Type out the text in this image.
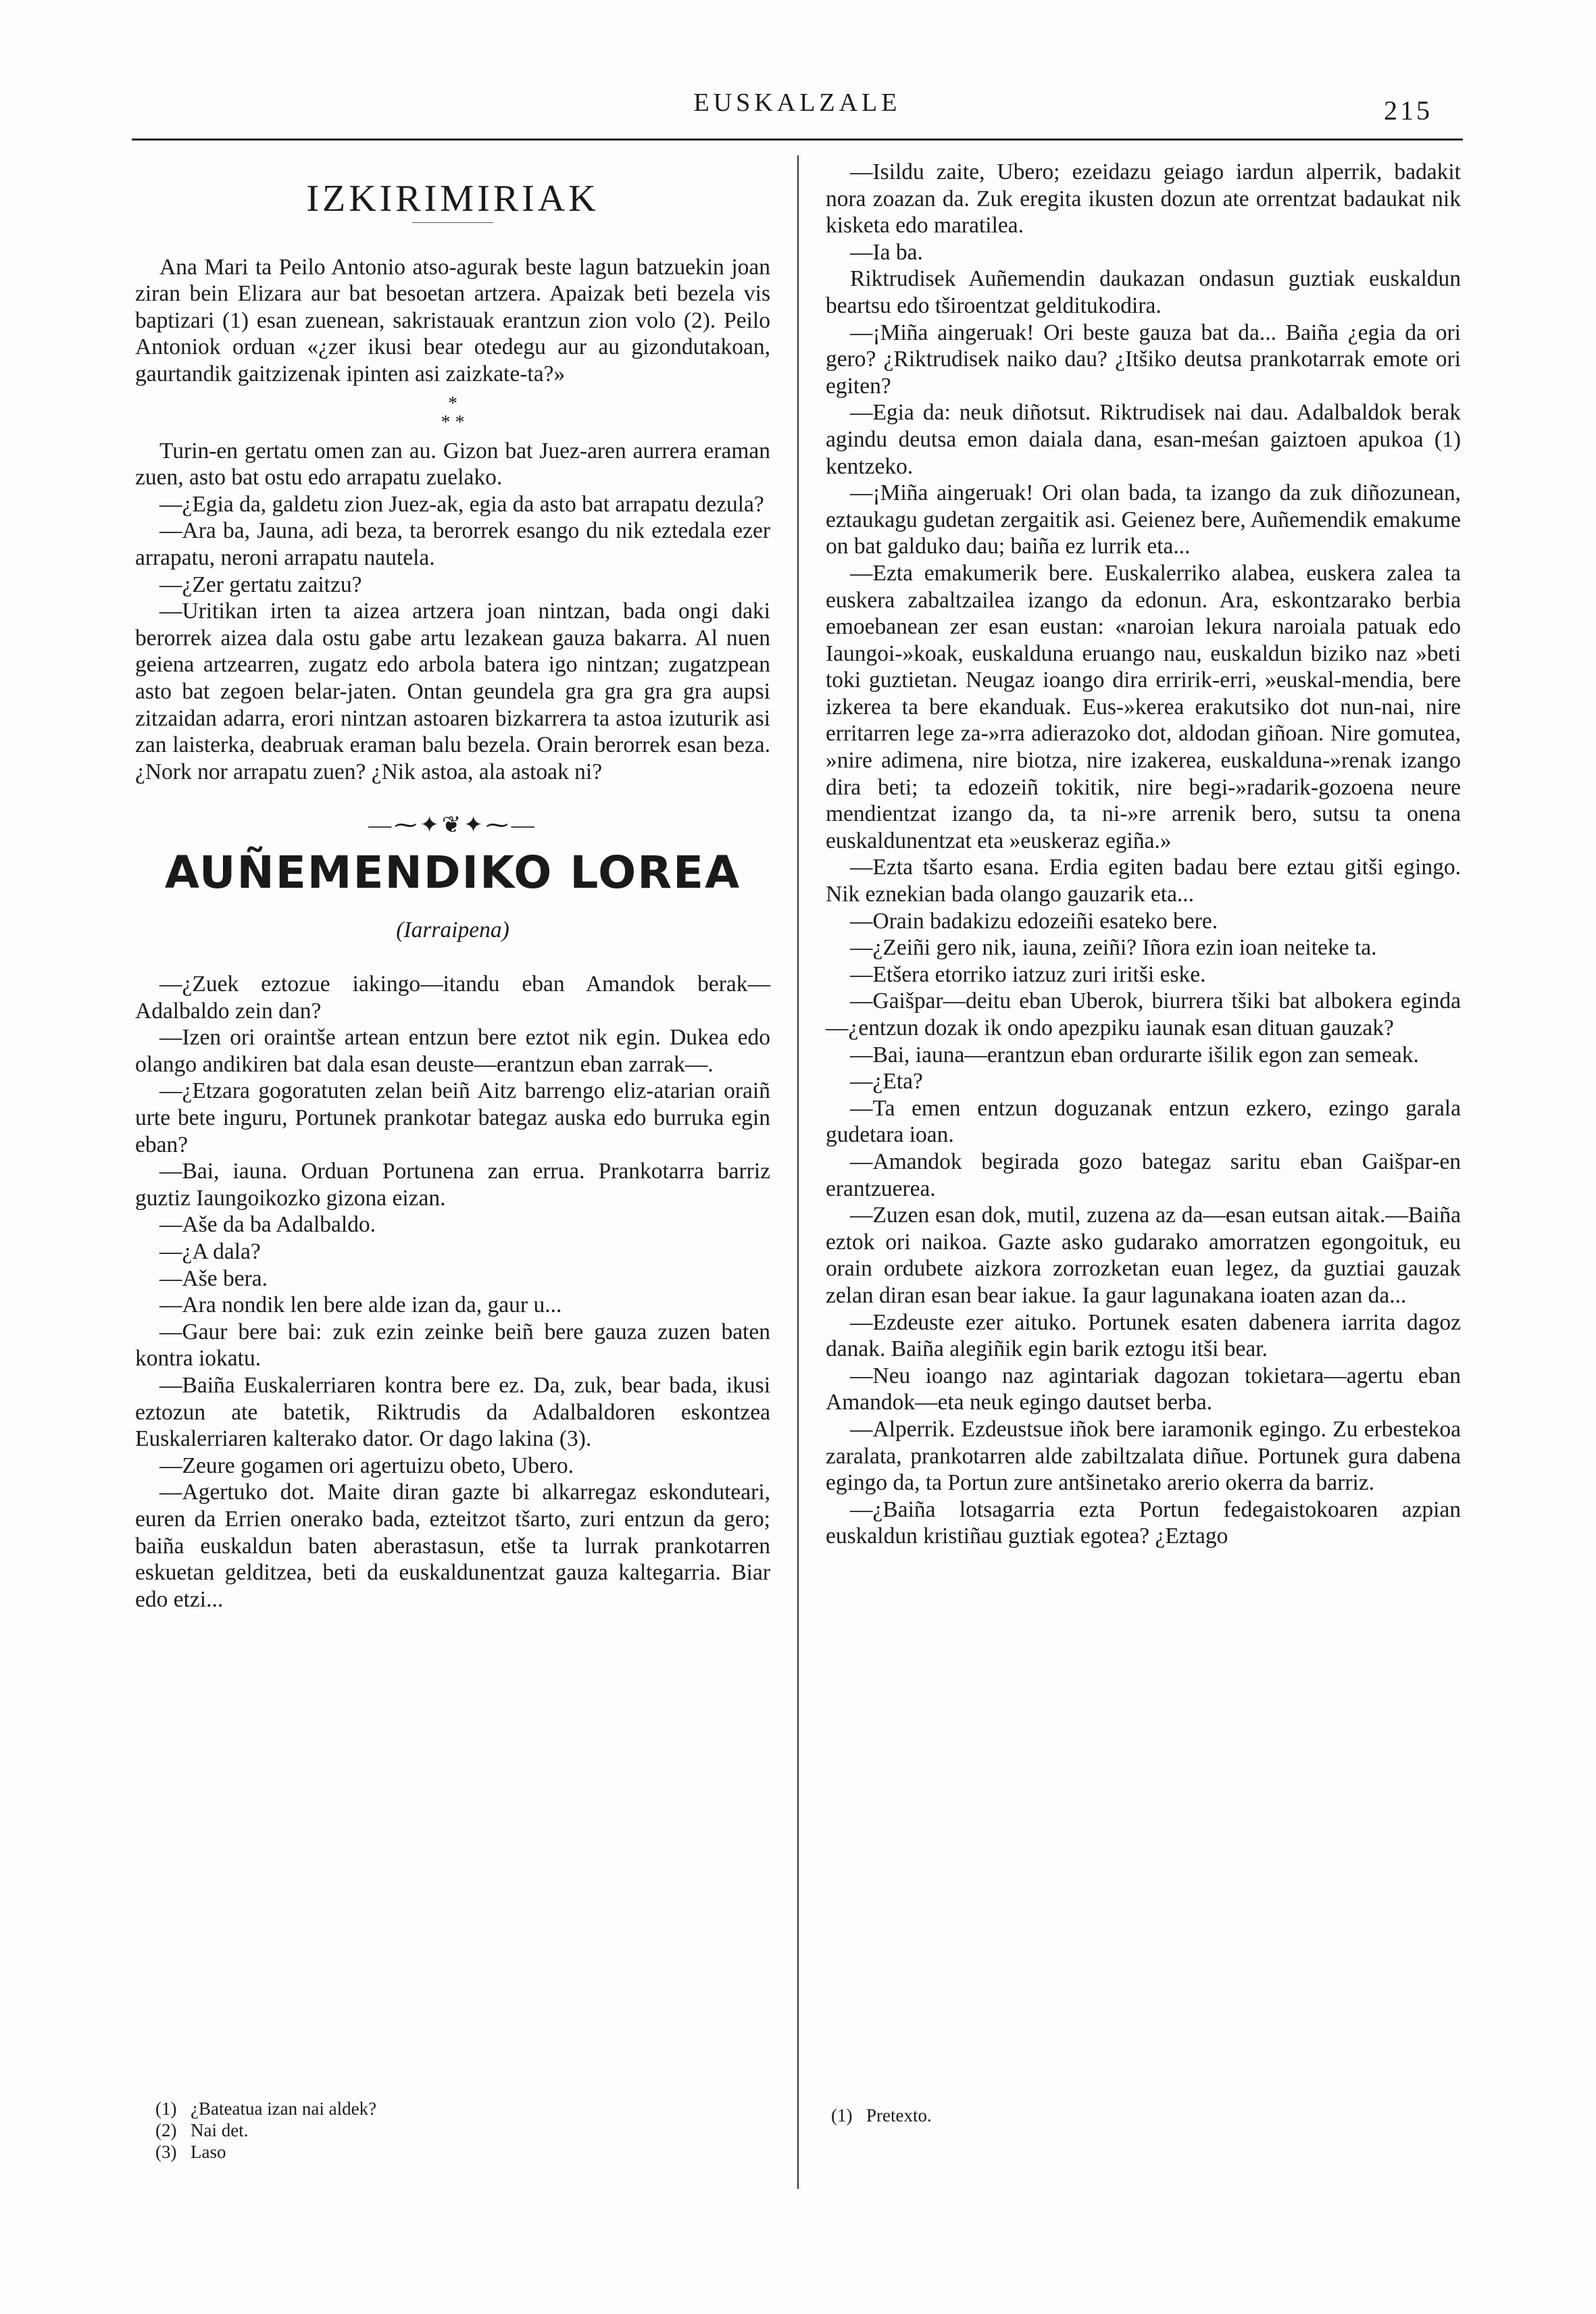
EUSKALZALE	215
IZKIRIMIRIAK

Ana Mari ta Peilo Antonio atso-agurak beste lagun batzuekin joan ziran bein Elizara aur bat besoetan artzera. Apaizak beti bezela vis baptizari (1) esan zuenean, sakristauak erantzun zion volo (2). Peilo Antoniok orduan «¿zer ikusi bear otedegu aur au gizondutakoan, gaurtandik gaitzizenak ipinten asi zaizkate-ta?»

*
* *

Turin-en gertatu omen zan au. Gizon bat Juez-aren aurrera eraman zuen, asto bat ostu edo arrapatu zuelako.

—¿Egia da, galdetu zion Juez-ak, egia da asto bat arrapatu dezula?

—Ara ba, Jauna, adi beza, ta berorrek esango du nik eztedala ezer arrapatu, neroni arrapatu nautela.

—¿Zer gertatu zaitzu?

—Uritikan irten ta aizea artzera joan nintzan, bada ongi daki berorrek aizea dala ostu gabe artu lezakean gauza bakarra. Al nuen geiena artzearren, zugatz edo arbola batera igo nintzan; zugatzpean asto bat zegoen belar-jaten. Ontan geundela gra gra gra gra aupsi zitzaidan adarra, erori nintzan astoaren bizkarrera ta astoa izuturik asi zan laisterka, deabruak eraman balu bezela. Orain berorrek esan beza. ¿Nork nor arrapatu zuen? ¿Nik astoa, ala astoak ni?

—⁓✦❦✦⁓—
AUÑEMENDIKO LOREA
(Iarraipena)

—¿Zuek eztozue iakingo—itandu eban Amandok berak—Adalbaldo zein dan?

—Izen ori oraintše artean entzun bere eztot nik egin. Dukea edo olango andikiren bat dala esan deuste—erantzun eban zarrak—.

—¿Etzara gogoratuten zelan beiñ Aitz barrengo eliz-atarian oraiñ urte bete inguru, Portunek prankotar bategaz auska edo burruka egin eban?

—Bai, iauna. Orduan Portunena zan errua. Prankotarra barriz guztiz Iaungoikozko gizona eizan.

—Aše da ba Adalbaldo.

—¿A dala?

—Aše bera.

—Ara nondik len bere alde izan da, gaur u...

—Gaur bere bai: zuk ezin zeinke beiñ bere gauza zuzen baten kontra iokatu.

—Baiña Euskalerriaren kontra bere ez. Da, zuk, bear bada, ikusi eztozun ate batetik, Riktrudis da Adalbaldoren eskontzea Euskalerriaren kalterako dator. Or dago lakina (3).

—Zeure gogamen ori agertuizu obeto, Ubero.

—Agertuko dot. Maite diran gazte bi alkarregaz eskonduteari, euren da Errien onerako bada, ezteitzot tšarto, zuri entzun da gero; baiña euskaldun baten aberastasun, etše ta lurrak prankotarren eskuetan gelditzea, beti da euskaldunentzat gauza kaltegarria. Biar edo etzi...

—Isildu zaite, Ubero; ezeidazu geiago iardun alperrik, badakit nora zoazan da. Zuk eregita ikusten dozun ate orrentzat badaukat nik kisketa edo maratilea.

—Ia ba.

Riktrudisek Auñemendin daukazan ondasun guztiak euskaldun beartsu edo tširoentzat gelditukodira.

—¡Miña aingeruak! Ori beste gauza bat da... Baiña ¿egia da ori gero? ¿Riktrudisek naiko dau? ¿Itšiko deutsa prankotarrak emote ori egiten?

—Egia da: neuk diñotsut. Riktrudisek nai dau. Adalbaldok berak agindu deutsa emon daiala dana, esan-meśan gaiztoen apukoa (1) kentzeko.

—¡Miña aingeruak! Ori olan bada, ta izango da zuk diñozunean, eztaukagu gudetan zergaitik asi. Geienez bere, Auñemendik emakume on bat galduko dau; baiña ez lurrik eta...

—Ezta emakumerik bere. Euskalerriko alabea, euskera zalea ta euskera zabaltzailea izango da edonun. Ara, eskontzarako berbia emoebanean zer esan eustan: «naroian lekura naroiala patuak edo Iaungoi-»koak, euskalduna eruango nau, euskaldun biziko naz »beti toki guztietan. Neugaz ioango dira erririk-erri, »euskal-mendia, bere izkerea ta bere ekanduak. Eus-»kerea erakutsiko dot nun-nai, nire erritarren lege za-»rra adierazoko dot, aldodan giñoan. Nire gomutea, »nire adimena, nire biotza, nire izakerea, euskalduna-»renak izango dira beti; ta edozeiñ tokitik, nire begi-»radarik-gozoena neure mendientzat izango da, ta ni-»re arrenik bero, sutsu ta onena euskaldunentzat eta »euskeraz egiña.»

—Ezta tšarto esana. Erdia egiten badau bere eztau gitši egingo. Nik eznekian bada olango gauzarik eta...

—Orain badakizu edozeiñi esateko bere.

—¿Zeiñi gero nik, iauna, zeiñi? Iñora ezin ioan neiteke ta.

—Etšera etorriko iatzuz zuri iritši eske.

—Gaišpar—deitu eban Uberok, biurrera tšiki bat albokera eginda—¿entzun dozak ik ondo apezpiku iaunak esan dituan gauzak?

—Bai, iauna—erantzun eban ordurarte išilik egon zan semeak.

—¿Eta?

—Ta emen entzun doguzanak entzun ezkero, ezingo garala gudetara ioan.

—Amandok begirada gozo bategaz saritu eban Gaišpar-en erantzuerea.

—Zuzen esan dok, mutil, zuzena az da—esan eutsan aitak.—Baiña eztok ori naikoa. Gazte asko gudarako amorratzen egongoituk, eu orain ordubete aizkora zorrozketan euan legez, da guztiai gauzak zelan diran esan bear iakue. Ia gaur lagunakana ioaten azan da...

—Ezdeuste ezer aituko. Portunek esaten dabenera iarrita dagoz danak. Baiña alegiñik egin barik eztogu itši bear.

—Neu ioango naz agintariak dagozan tokietara—agertu eban Amandok—eta neuk egingo dautset berba.

—Alperrik. Ezdeustsue iñok bere iaramonik egingo. Zu erbestekoa zaralata, prankotarren alde zabiltzalata diñue. Portunek gura dabena egingo da, ta Portun zure antšinetako arerio okerra da barriz.

—¿Baiña lotsagarria ezta Portun fedegaistokoaren azpian euskaldun kristiñau guztiak egotea? ¿Eztago

(1) ¿Bateatua izan nai aldek?
(2) Nai det.
(3) Laso
(1) Pretexto.
